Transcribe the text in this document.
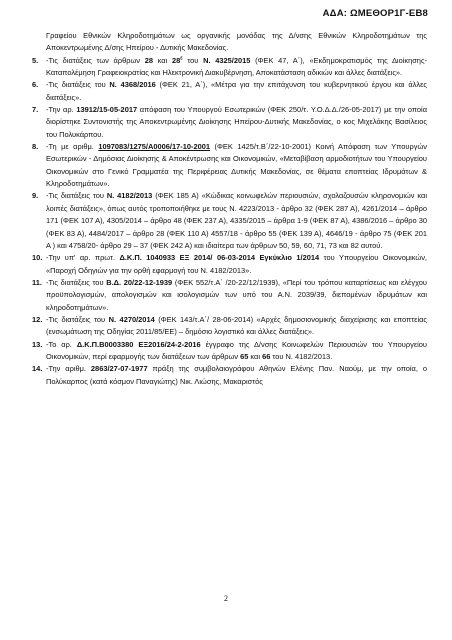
ΑΔΑ: ΩΜΕΘΟΡ1Γ-ΕΒ8

Γραφείου Εθνικών Κληροδοτημάτων ως οργανικής μονάδας της Δ/νσης Εθνικών Κληροδοτημάτων της Αποκεντρωμένης Δ/σης Ηπείρου - Δυτικής Μακεδονίας.

5. -Τις διατάξεις των άρθρων 28 και $28^\varepsilon$ του Ν. 4325/2015 (ΦΕΚ 47, Α΄), «Εκδημοκρατισμός της Διοίκησης-Καταπολέμηση Γραφειοκρατίας και Ηλεκτρονική Διακυβέρνηση, Αποκατάσταση αδικιών και άλλες διατάξεις».

6. -Τις διατάξεις του Ν. 4368/2016 (ΦΕΚ 21, Α΄), «Μέτρα για την επιτάχυνση του κυβερνητικού έργου και άλλες διατάξεις».

7. -Την αρ. 13912/15-05-2017 απόφαση του Υπουργού Εσωτερικών (ΦΕΚ 250/τ. Υ.Ο.Δ.Δ./26-05-2017) με την οποία διορίστηκε Συντονιστής της Αποκεντρωμένης Διοίκησης Ηπείρου-Δυτικής Μακεδονίας, ο κος Μιχελάκης Βασίλειος του Πολυκάρπου.

8. -Τη με αριθμ. 1097083/1275/Α0006/17-10-2001 (ΦΕΚ 1425/τ.Β΄/22-10-2001) Κοινή Απόφαση των Υπουργών Εσωτερικών - Δημόσιας Διοίκησης & Αποκέντρωσης και Οικονομικών, «Μεταβίβαση αρμοδιοτήτων του Υπουργείου Οικονομικών στο Γενικό Γραμματέα της Περιφέρειας Δυτικής Μακεδονίας, σε θέματα εποπτείας Ιδρυμάτων & Κληροδοτημάτων».

9. -Τις διατάξεις του Ν. 4182/2013 (ΦΕΚ 185 Α) «Κώδικας κοινωφελών περιουσιών, σχολαζουσών κληρονομιών και λοιπές διατάξεις», όπως αυτός τροποποιήθηκε με τους Ν. 4223/2013 - άρθρο 32 (ΦΕΚ 287 Α), 4261/2014 – άρθρο 171 (ΦΕΚ 107 Α), 4305/2014 – άρθρο 48 (ΦΕΚ 237 Α), 4335/2015 – άρθρα 1-9 (ΦΕΚ 87 Α), 4386/2016 – άρθρο 30 (ΦΕΚ 83 Α), 4484/2017 – άρθρο 28 (ΦΕΚ 110 Α) 4557/18 - άρθρο 55 (ΦΕΚ 139 Α), 4646/19 - άρθρο 75 (ΦΕΚ 201 Α ) και 4758/20- άρθρο 29 – 37 (ΦΕΚ 242 Α) και ιδιαίτερα των άρθρων 50, 59, 60, 71, 73 και 82 αυτού.

10. -Την υπ' αρ. πρωτ. Δ.Κ.Π. 1040933 ΕΞ 2014/ 06-03-2014 Εγκύκλιο 1/2014 του Υπουργείου Οικονομικών, «Παροχή Οδηγιών για την ορθή εφαρμογή του Ν. 4182/2013».

11. -Τις διατάξεις του Β.Δ. 20/22-12-1939 (ΦΕΚ 552/τ.Α΄ /20-22/12/1939), «Περί του τρόπου καταρτίσεως και ελέγχου προϋπολογισμών, απολογισμών και ισολογισμών των υπό του Α.Ν. 2039/39, διεπομένων ιδρυμάτων και κληροδοτημάτων».

12. -Τις διατάξεις του Ν. 4270/2014 (ΦΕΚ 143/τ.Α΄/ 28-06-2014) «Αρχές δημοσιονομικής διαχείρισης και εποπτείας (ενσωμάτωση της Οδηγίας 2011/85/ΕΕ) – δημόσιο λογιστικό και άλλες διατάξεις».

13. -Το αρ. Δ.Κ.Π.Β0003380 ΕΞ2016/24-2-2016 έγγραφο της Δ/νσης Κοινωφελών Περιουσιών του Υπουργείου Οικονομικών, περί εφαρμογής των διατάξεων των άρθρων 65 και 66 του Ν. 4182/2013.

14. -Την αριθμ. 2863/27-07-1977 πράξη της συμβολαιογράφου Αθηνών Ελένης Παν. Ναούμ, με την οποία, ο Πολύκαρπος (κατά κόσμον Παναγιώτης) Νικ. Λιώσης, Μακαριστός

2
